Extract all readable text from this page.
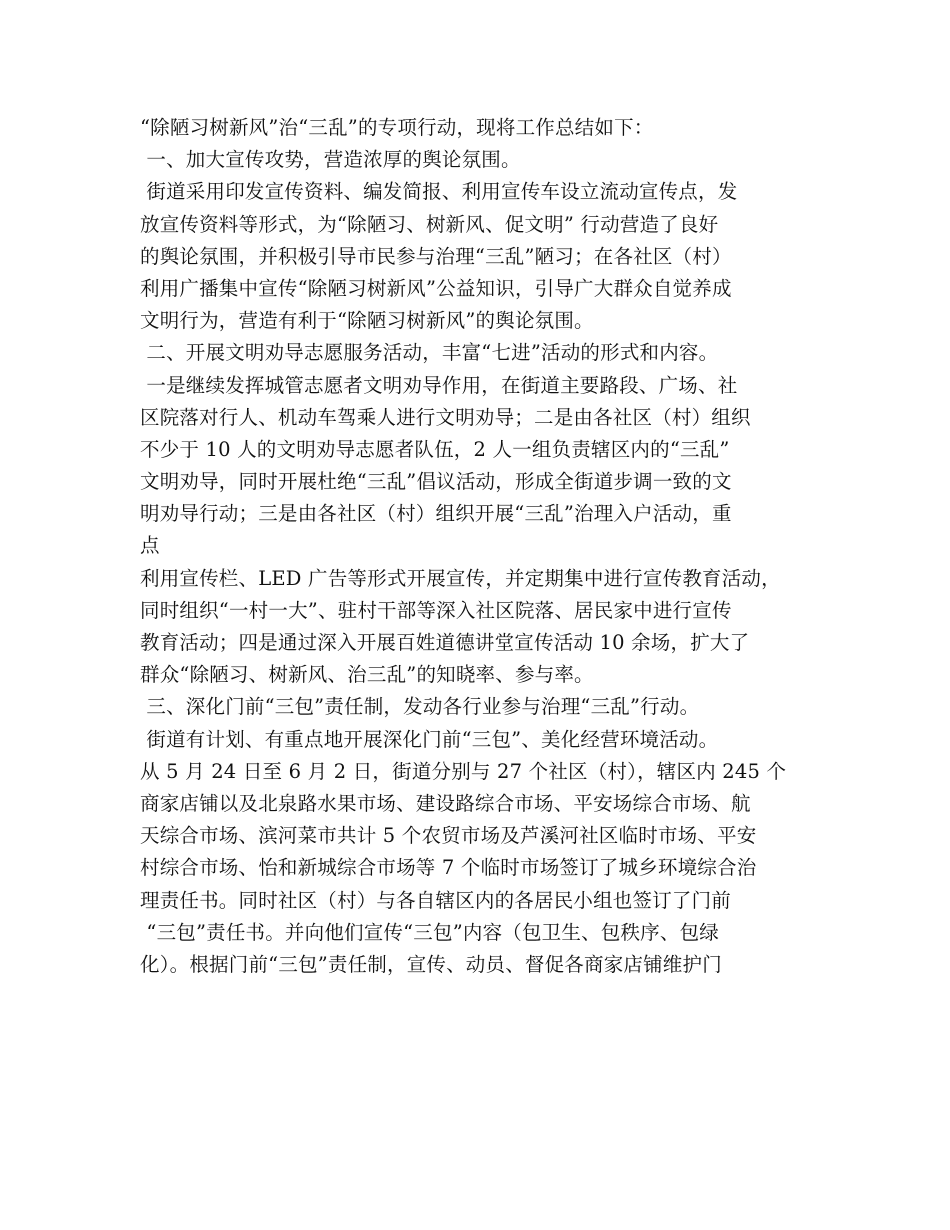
“除陋习树新风”治“三乱”的专项行动，现将工作总结如下：
一、加大宣传攻势，营造浓厚的舆论氛围。
街道采用印发宣传资料、编发简报、利用宣传车设立流动宣传点，发
放宣传资料等形式，为“除陋习、树新风、促文明” 行动营造了良好
的舆论氛围，并积极引导市民参与治理“三乱”陋习；在各社区（村）
利用广播集中宣传“除陋习树新风”公益知识，引导广大群众自觉养成
文明行为，营造有利于“除陋习树新风”的舆论氛围。
二、开展文明劝导志愿服务活动，丰富“七进”活动的形式和内容。
一是继续发挥城管志愿者文明劝导作用，在街道主要路段、广场、社
区院落对行人、机动车驾乘人进行文明劝导；二是由各社区（村）组织
不少于 10 人的文明劝导志愿者队伍，2 人一组负责辖区内的“三乱”
文明劝导，同时开展杜绝“三乱”倡议活动，形成全街道步调一致的文
明劝导行动；三是由各社区（村）组织开展“三乱”治理入户活动，重
点
利用宣传栏、LED 广告等形式开展宣传，并定期集中进行宣传教育活动，
同时组织“一村一大”、驻村干部等深入社区院落、居民家中进行宣传
教育活动；四是通过深入开展百姓道德讲堂宣传活动 10 余场，扩大了
群众“除陋习、树新风、治三乱”的知晓率、参与率。
三、深化门前“三包”责任制，发动各行业参与治理“三乱”行动。
街道有计划、有重点地开展深化门前“三包”、美化经营环境活动。
从 5 月 24 日至 6 月 2 日，街道分别与 27 个社区（村），辖区内 245 个
商家店铺以及北泉路水果市场、建设路综合市场、平安场综合市场、航
天综合市场、滨河菜市共计 5 个农贸市场及芦溪河社区临时市场、平安
村综合市场、怡和新城综合市场等 7 个临时市场签订了城乡环境综合治
理责任书。同时社区（村）与各自辖区内的各居民小组也签订了门前
“三包”责任书。并向他们宣传“三包”内容（包卫生、包秩序、包绿
化）。根据门前“三包”责任制，宣传、动员、督促各商家店铺维护门
